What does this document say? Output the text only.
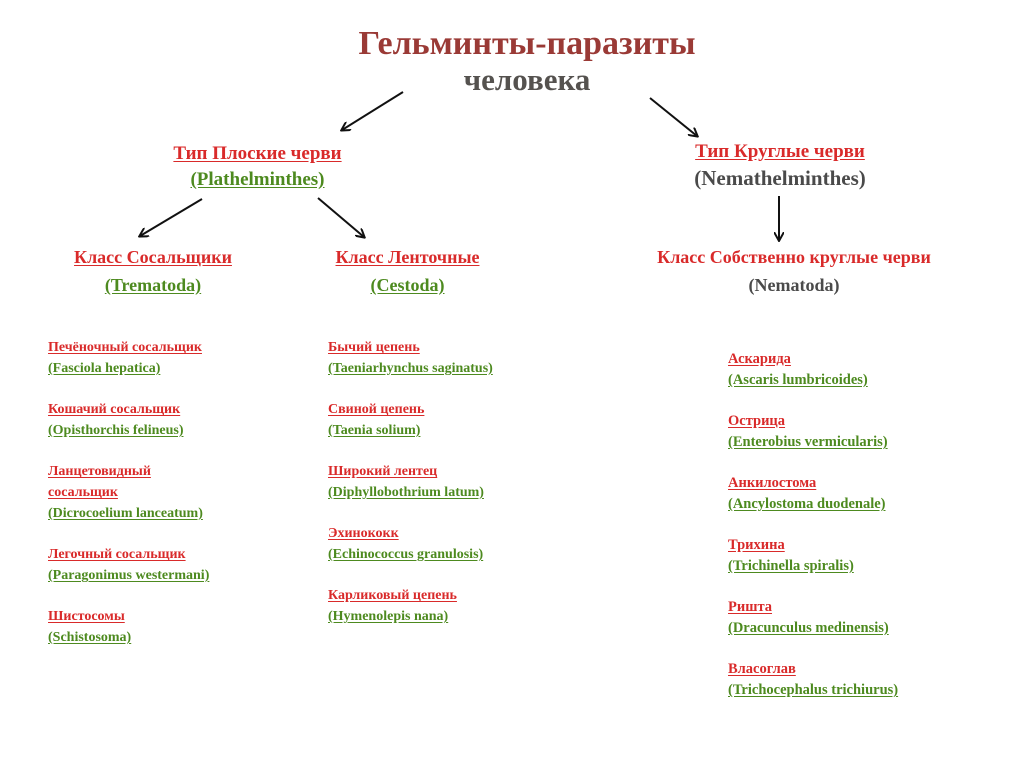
Гельминты-паразиты
человека
Тип Плоские черви
(Plathelminthes)
Тип Круглые черви
(Nemathelminthes)
Класс Сосальщики
(Trematoda)
Класс Ленточные
(Cestoda)
Класс Собственно круглые черви
(Nematoda)
Печёночный сосальщик
(Fasciola hepatica)
Кошачий сосальщик
(Opisthorchis felineus)
Ланцетовидный сосальщик
(Dicrocoelium lanceatum)
Легочный сосальщик
(Paragonimus westermani)
Шистосомы
(Schistosoma)
Бычий цепень
(Taeniarhynchus saginatus)
Свиной цепень
(Taenia solium)
Широкий лентец
(Diphyllobothrium latum)
Эхинококк
(Echinococcus granulosis)
Карликовый цепень
(Hymenolepis nana)
Аскарида
(Ascaris lumbricoides)
Острица
(Enterobius vermicularis)
Анкилостома
(Ancylostoma duodenale)
Трихина
(Trichinella spiralis)
Ришта
(Dracunculus medinensis)
Власоглав
(Trichocephalus trichiurus)
